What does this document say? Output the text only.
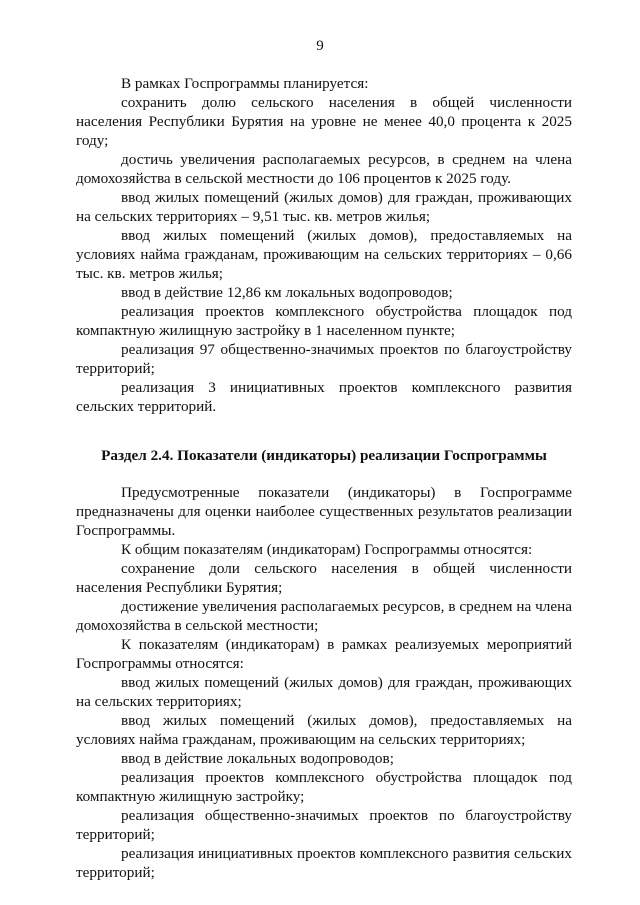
9

В рамках Госпрограммы планируется:

сохранить долю сельского населения в общей численности населения Республики Бурятия на уровне не менее 40,0 процента к 2025 году;

достичь увеличения располагаемых ресурсов, в среднем на члена домохозяйства в сельской местности до 106 процентов к 2025 году.

ввод жилых помещений (жилых домов) для граждан, проживающих на сельских территориях – 9,51 тыс. кв. метров жилья;

ввод жилых помещений (жилых домов), предоставляемых на условиях найма гражданам, проживающим на сельских территориях – 0,66 тыс. кв. метров жилья;

ввод в действие 12,86 км локальных водопроводов;

реализация проектов комплексного обустройства площадок под компактную жилищную застройку в 1 населенном пункте;

реализация 97 общественно-значимых проектов по благоустройству территорий;

реализация 3 инициативных проектов комплексного развития сельских территорий.

Раздел 2.4. Показатели (индикаторы) реализации Госпрограммы

Предусмотренные показатели (индикаторы) в Госпрограмме предназначены для оценки наиболее существенных результатов реализации Госпрограммы.

К общим показателям (индикаторам) Госпрограммы относятся:

сохранение доли сельского населения в общей численности населения Республики Бурятия;

достижение увеличения располагаемых ресурсов, в среднем на члена домохозяйства в сельской местности;

К показателям (индикаторам) в рамках реализуемых мероприятий Госпрограммы относятся:

ввод жилых помещений (жилых домов) для граждан, проживающих на сельских территориях;

ввод жилых помещений (жилых домов), предоставляемых на условиях найма гражданам, проживающим на сельских территориях;

ввод в действие локальных водопроводов;

реализация проектов комплексного обустройства площадок под компактную жилищную застройку;

реализация общественно-значимых проектов по благоустройству территорий;

реализация инициативных проектов комплексного развития сельских территорий;
